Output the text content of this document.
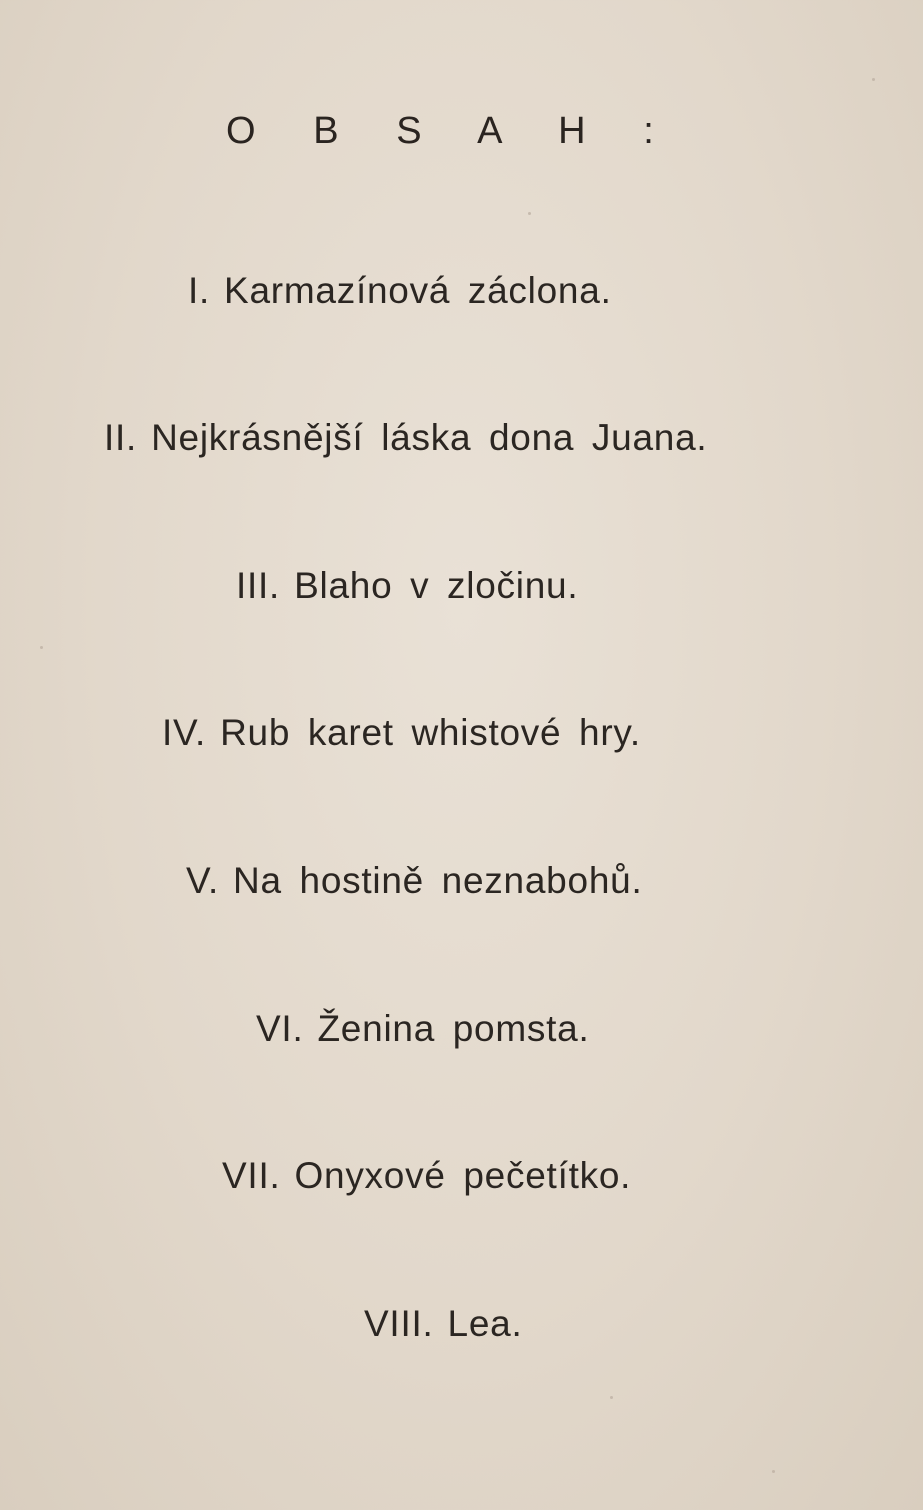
O B S A H :
I. Karmazínová záclona.
II. Nejkrásnější láska dona Juana.
III. Blaho v zločinu.
IV. Rub karet whistové hry.
V. Na hostině neznabohů.
VI. Ženina pomsta.
VII. Onyxové pečetítko.
VIII. Lea.
